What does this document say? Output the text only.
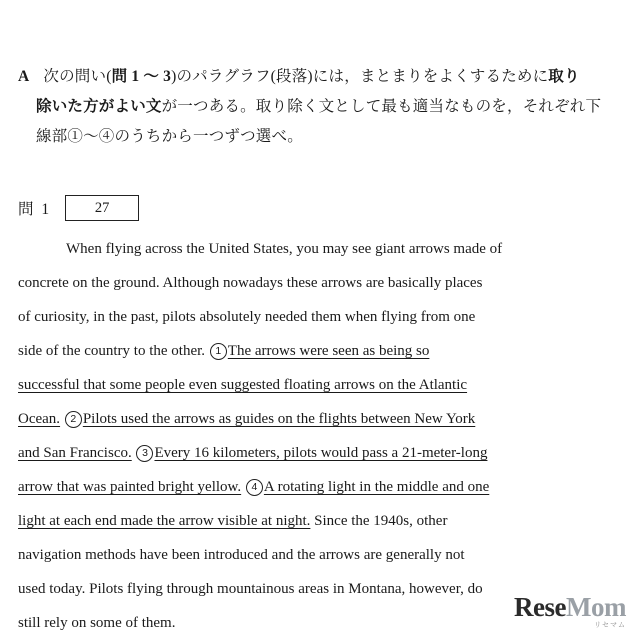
A 次の問い(問 1 ～ 3)のパラグラフ(段落)には，まとまりをよくするために取り
除いた方がよい文が一つある。取り除く文として最も適当なものを，それぞれ下
線部①～④のうちから一つずつ選べ。
問 1	27
When flying across the United States, you may see giant arrows made of
concrete on the ground. Although nowadays these arrows are basically places
of curiosity, in the past, pilots absolutely needed them when flying from one
side of the country to the other. 1 The arrows were seen as being so
successful that some people even suggested floating arrows on the Atlantic
Ocean. 2 Pilots used the arrows as guides on the flights between New York
and San Francisco. 3 Every 16 kilometers, pilots would pass a 21-meter-long
arrow that was painted bright yellow. 4 A rotating light in the middle and one
light at each end made the arrow visible at night. Since the 1940s, other
navigation methods have been introduced and the arrows are generally not
used today. Pilots flying through mountainous areas in Montana, however, do
still rely on some of them.
ReseMom
リセマム
